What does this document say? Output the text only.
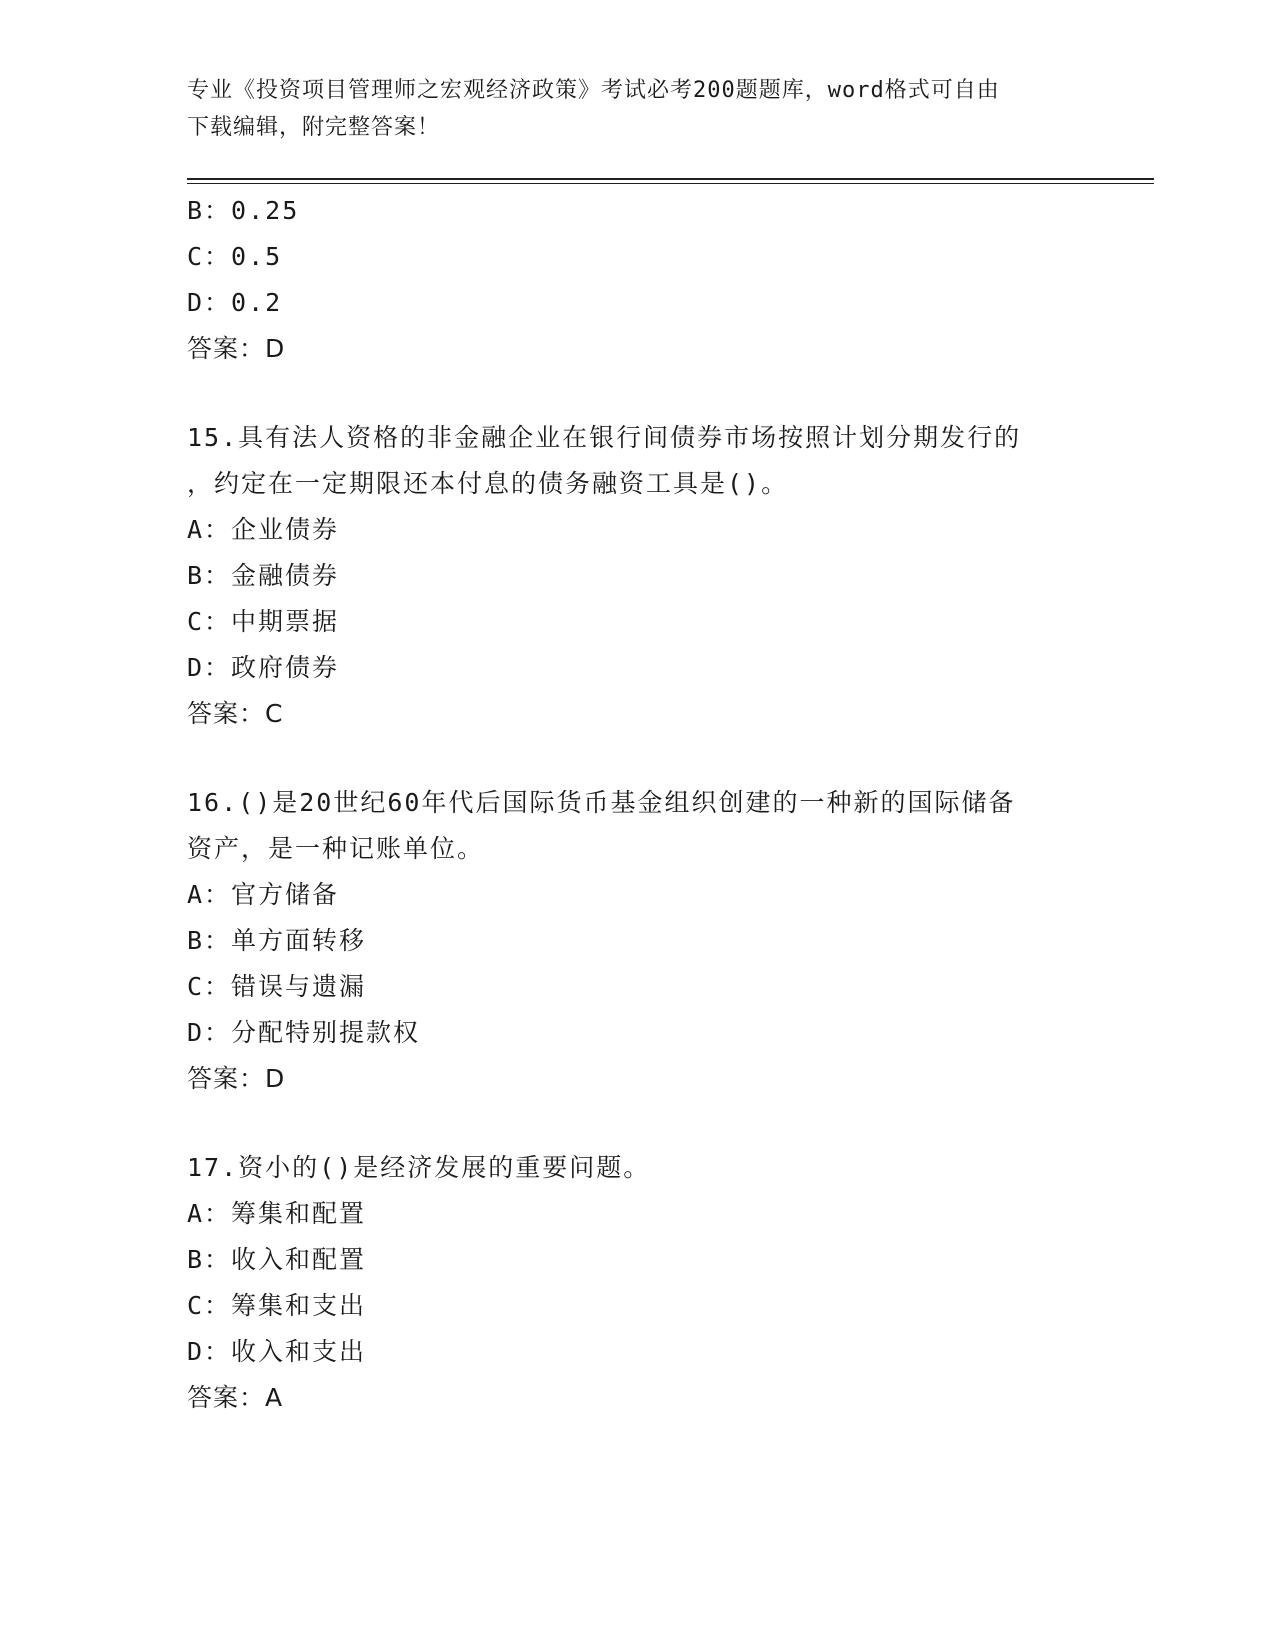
专业《投资项目管理师之宏观经济政策》考试必考200题题库，word格式可自由
下载编辑，附完整答案！
B：0.25
C：0.5
D：0.2
答案：D
15.具有法人资格的非金融企业在银行间债券市场按照计划分期发行的
，约定在一定期限还本付息的债务融资工具是()。
A：企业债券
B：金融债券
C：中期票据
D：政府债券
答案：C
16.()是20世纪60年代后国际货币基金组织创建的一种新的国际储备
资产，是一种记账单位。
A：官方储备
B：单方面转移
C：错误与遗漏
D：分配特别提款权
答案：D
17.资小的()是经济发展的重要问题。
A：筹集和配置
B：收入和配置
C：筹集和支出
D：收入和支出
答案：A
